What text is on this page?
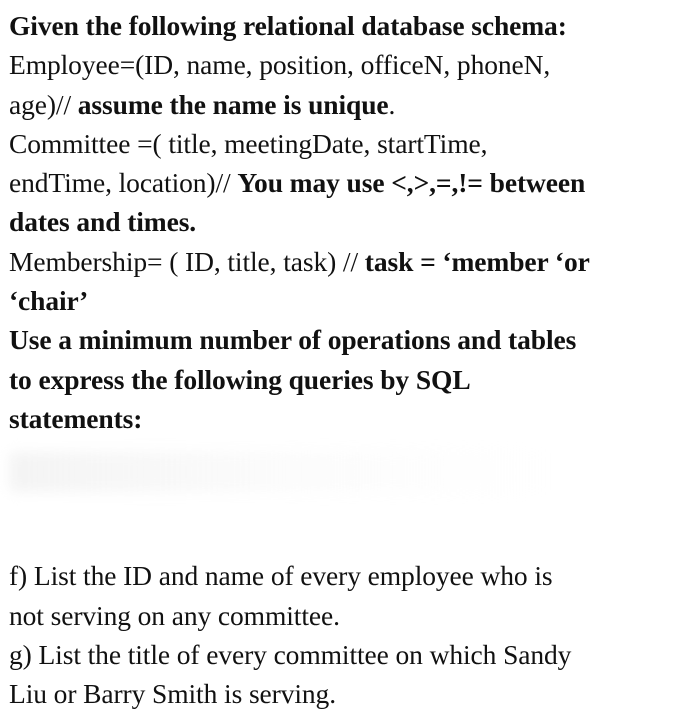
Given the following relational database schema:
Employee=(ID, name, position, officeN, phoneN,
age)// assume the name is unique.
Committee =( title, meetingDate, startTime,
endTime, location)// You may use <,>,=,!= between
dates and times.
Membership= ( ID, title, task) // task = ‘member ‘or
‘chair’
Use a minimum number of operations and tables
to express the following queries by SQL
statements:
f) List the ID and name of every employee who is
not serving on any committee.
g) List the title of every committee on which Sandy
Liu or Barry Smith is serving.
